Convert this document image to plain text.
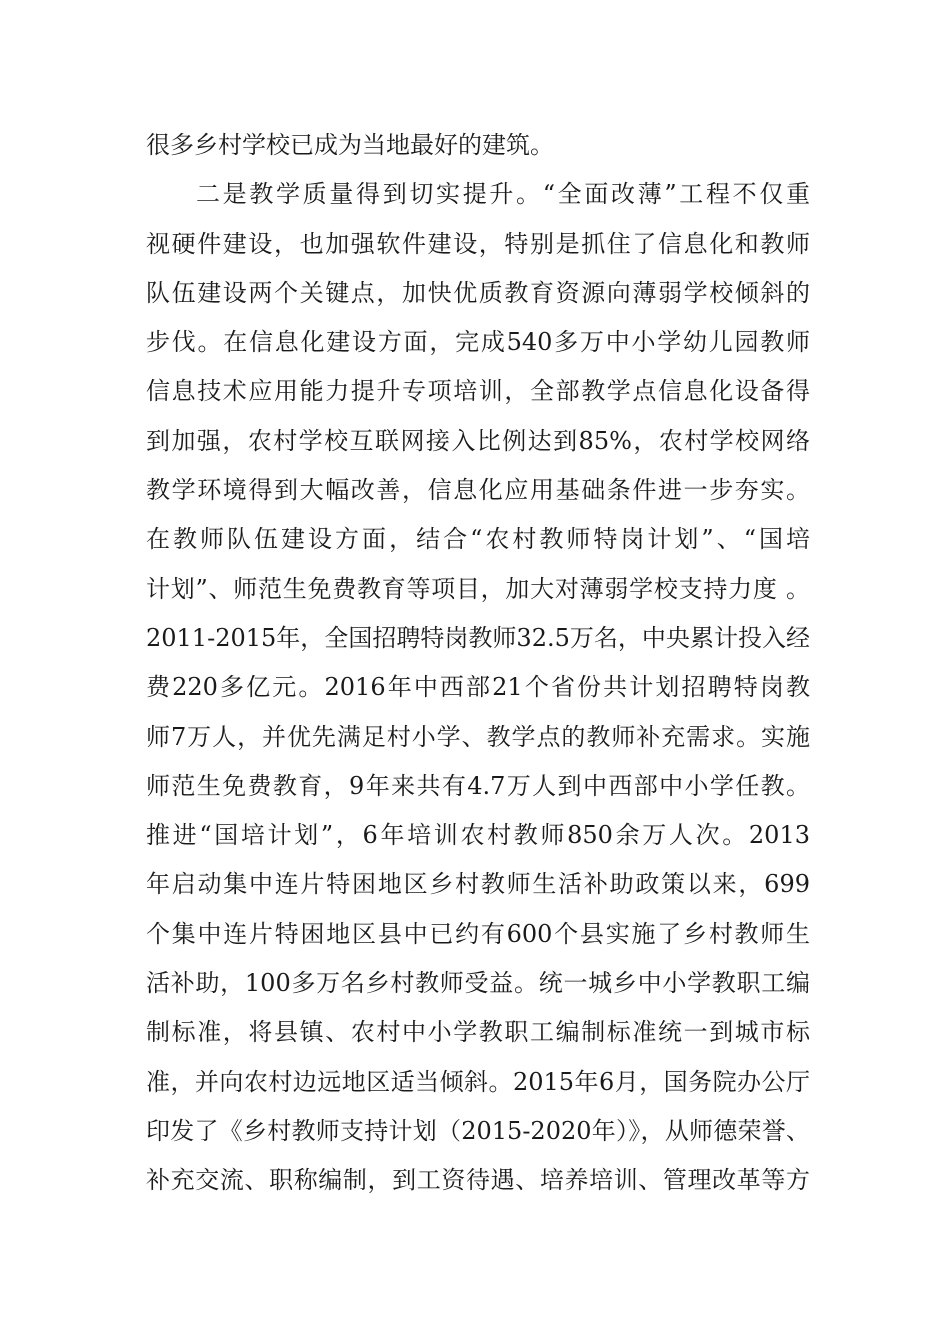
很多乡村学校已成为当地最好的建筑。
二是教学质量得到切实提升。“全面改薄”工程不仅重
视硬件建设，也加强软件建设，特别是抓住了信息化和教师
队伍建设两个关键点，加快优质教育资源向薄弱学校倾斜的
步伐。在信息化建设方面，完成540多万中小学幼儿园教师
信息技术应用能力提升专项培训，全部教学点信息化设备得
到加强，农村学校互联网接入比例达到85%，农村学校网络
教学环境得到大幅改善，信息化应用基础条件进一步夯实。
在教师队伍建设方面，结合“农村教师特岗计划”、“国培
计划”、师范生免费教育等项目，加大对薄弱学校支持力度 。
2011-2015年，全国招聘特岗教师32.5万名，中央累计投入经
费220多亿元。2016年中西部21个省份共计划招聘特岗教
师7万人，并优先满足村小学、教学点的教师补充需求。实施
师范生免费教育，9年来共有4.7万人到中西部中小学任教。
推进“国培计划”，6年培训农村教师850余万人次。2013
年启动集中连片特困地区乡村教师生活补助政策以来，699
个集中连片特困地区县中已约有600个县实施了乡村教师生
活补助，100多万名乡村教师受益。统一城乡中小学教职工编
制标准，将县镇、农村中小学教职工编制标准统一到城市标
准，并向农村边远地区适当倾斜。2015年6月，国务院办公厅
印发了《乡村教师支持计划（2015-2020年）》，从师德荣誉、
补充交流、职称编制，到工资待遇、培养培训、管理改革等方
